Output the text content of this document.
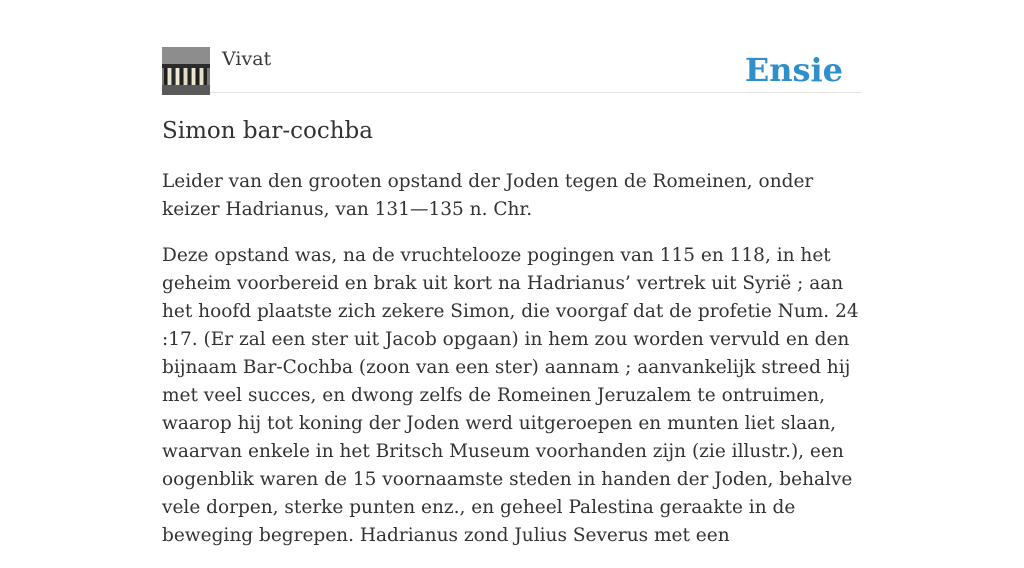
Vivat	Ensie
Simon bar-cochba

Leider van den grooten opstand der Joden tegen de Romeinen, onder keizer Hadrianus, van 131—135 n. Chr.

Deze opstand was, na de vruchtelooze pogingen van 115 en 118, in het geheim voorbereid en brak uit kort na Hadrianus’ vertrek uit Syrië ; aan het hoofd plaatste zich zekere Simon, die voorgaf dat de profetie Num. 24 :17. (Er zal een ster uit Jacob opgaan) in hem zou worden vervuld en den bijnaam Bar-Cochba (zoon van een ster) aannam ; aanvankelijk streed hij met veel succes, en dwong zelfs de Romeinen Jeruzalem te ontruimen, waarop hij tot koning der Joden werd uitgeroepen en munten liet slaan, waarvan enkele in het Britsch Museum voorhanden zijn (zie illustr.), een oogenblik waren de 15 voornaamste steden in handen der Joden, behalve vele dorpen, sterke punten enz., en geheel Palestina geraakte in de beweging begrepen. Hadrianus zond Julius Severus met een
